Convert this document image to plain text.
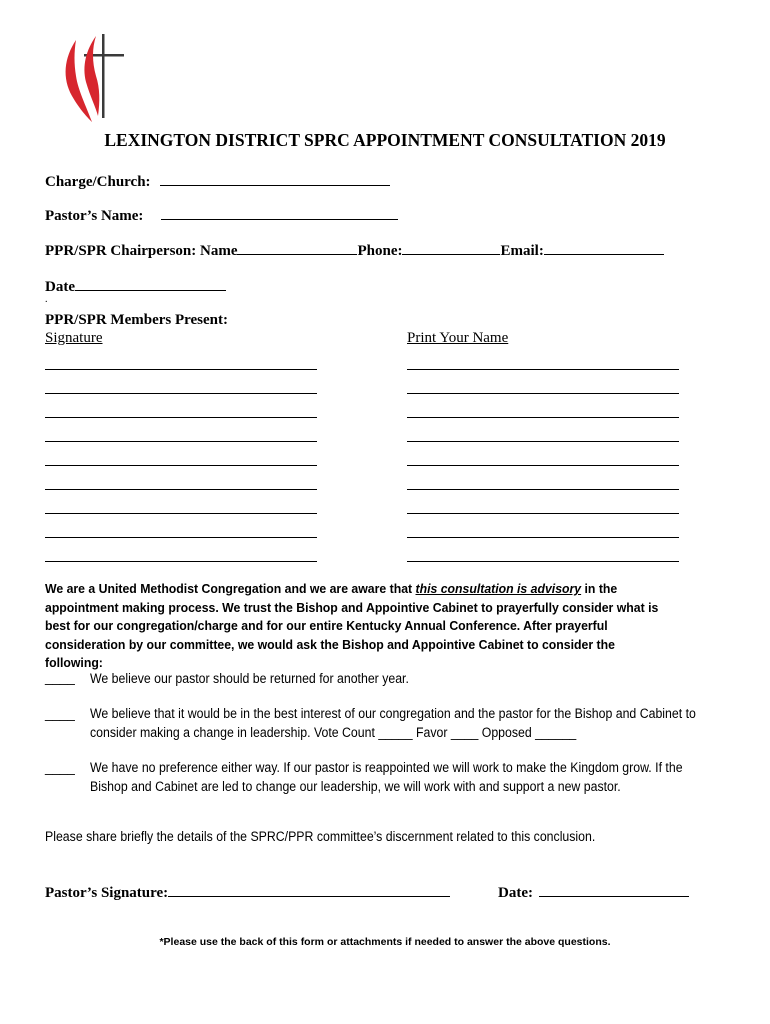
LEXINGTON DISTRICT SPRC APPOINTMENT CONSULTATION 2019
Charge/Church:
Pastor’s Name:
PPR/SPR Chairperson: Name	Phone:	Email:
Date
.
PPR/SPR Members Present:
Signature	Print Your Name
We are a United Methodist Congregation and we are aware that this consultation is advisory in the appointment making process. We trust the Bishop and Appointive Cabinet to prayerfully consider what is best for our congregation/charge and for our entire Kentucky Annual Conference. After prayerful consideration by our committee, we would ask the Bishop and Appointive Cabinet to consider the following:
____ We believe our pastor should be returned for another year.
____ We believe that it would be in the best interest of our congregation and the pastor for the Bishop and Cabinet to consider making a change in leadership. Vote Count _____ Favor ____ Opposed ______
____ We have no preference either way. If our pastor is reappointed we will work to make the Kingdom grow. If the Bishop and Cabinet are led to change our leadership, we will work with and support a new pastor.
Please share briefly the details of the SPRC/PPR committee’s discernment related to this conclusion.
Pastor’s Signature:	Date:
*Please use the back of this form or attachments if needed to answer the above questions.
